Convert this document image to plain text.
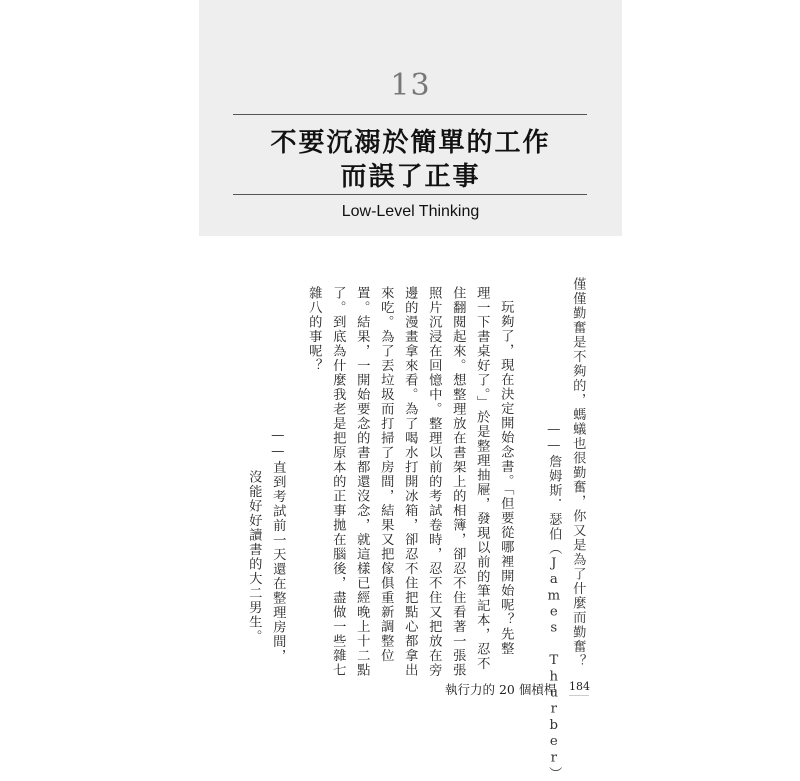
13
不要沉溺於簡單的工作
而誤了正事
Low-Level Thinking
僅僅勤奮是不夠的，螞蟻也很勤奮，你又是為了什麼而勤奮？
——詹姆斯．瑟伯（James Thurber）
玩夠了，現在決定開始念書。「但要從哪裡開始呢？先整
理一下書桌好了。」於是整理抽屜，發現以前的筆記本，忍不
住翻閱起來。想整理放在書架上的相簿，卻忍不住看著一張張
照片沉浸在回憶中。整理以前的考試卷時，忍不住又把放在旁
邊的漫畫拿來看。為了喝水打開冰箱，卻忍不住把點心都拿出
來吃。為了丟垃圾而打掃了房間，結果又把傢俱重新調整位
置。結果，一開始要念的書都還沒念，就這樣已經晚上十二點
了。到底為什麼我老是把原本的正事拋在腦後，盡做一些雜七
雜八的事呢？
——直到考試前一天還在整理房間，
沒能好好讀書的大二男生。
執行力的 20 個槓桿 184
